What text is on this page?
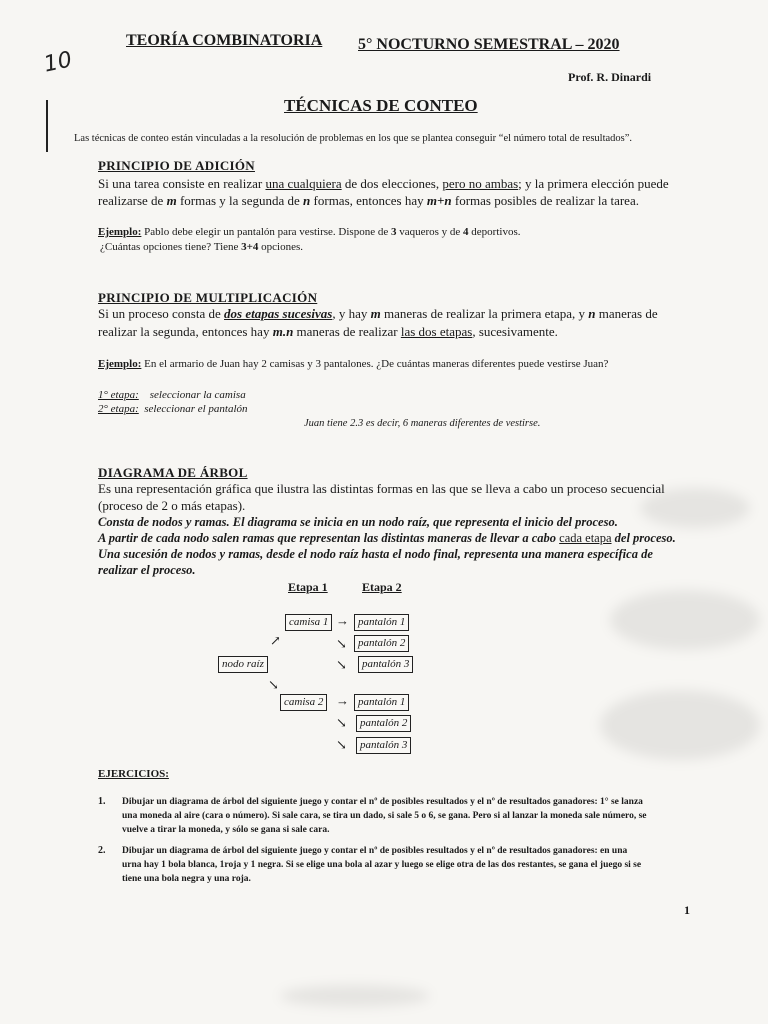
10
TEORÍA COMBINATORIA 5° NOCTURNO SEMESTRAL – 2020
Prof. R. Dinardi
TÉCNICAS DE CONTEO
Las técnicas de conteo están vinculadas a la resolución de problemas en los que se plantea conseguir “el número total de resultados”.
PRINCIPIO DE ADICIÓN
Si una tarea consiste en realizar una cualquiera de dos elecciones, pero no ambas; y la primera elección puede
realizarse de m formas y la segunda de n formas, entonces hay m+n formas posibles de realizar la tarea.
Ejemplo: Pablo debe elegir un pantalón para vestirse. Dispone de 3 vaqueros y de 4 deportivos.
¿Cuántas opciones tiene? Tiene 3+4 opciones.
PRINCIPIO DE MULTIPLICACIÓN
Si un proceso consta de dos etapas sucesivas, y hay m maneras de realizar la primera etapa, y n maneras de
realizar la segunda, entonces hay m.n maneras de realizar las dos etapas, sucesivamente.
Ejemplo: En el armario de Juan hay 2 camisas y 3 pantalones. ¿De cuántas maneras diferentes puede vestirse Juan?
1° etapa: seleccionar la camisa
2° etapa: seleccionar el pantalón
Juan tiene 2.3 es decir, 6 maneras diferentes de vestirse.
DIAGRAMA DE ÁRBOL
Es una representación gráfica que ilustra las distintas formas en las que se lleva a cabo un proceso secuencial
(proceso de 2 o más etapas).
Consta de nodos y ramas. El diagrama se inicia en un nodo raíz, que representa el inicio del proceso.
A partir de cada nodo salen ramas que representan las distintas maneras de llevar a cabo cada etapa del proceso.
Una sucesión de nodos y ramas, desde el nodo raíz hasta el nodo final, representa una manera específica de
realizar el proceso.
Etapa 1	Etapa 2
camisa 1 → pantalón 1
↗	↘	pantalón 2
nodo raíz	↘	pantalón 3
↘
camisa 2 → pantalón 1
↘	pantalón 2
↘	pantalón 3
EJERCICIOS:
1. Dibujar un diagrama de árbol del siguiente juego y contar el nº de posibles resultados y el nº de resultados ganadores: 1° se lanza
una moneda al aire (cara o número). Si sale cara, se tira un dado, si sale 5 o 6, se gana. Pero si al lanzar la moneda sale número, se
vuelve a tirar la moneda, y sólo se gana si sale cara.
2. Dibujar un diagrama de árbol del siguiente juego y contar el nº de posibles resultados y el nº de resultados ganadores: en una
urna hay 1 bola blanca, 1roja y 1 negra. Si se elige una bola al azar y luego se elige otra de las dos restantes, se gana el juego si se
tiene una bola negra y una roja.
1
